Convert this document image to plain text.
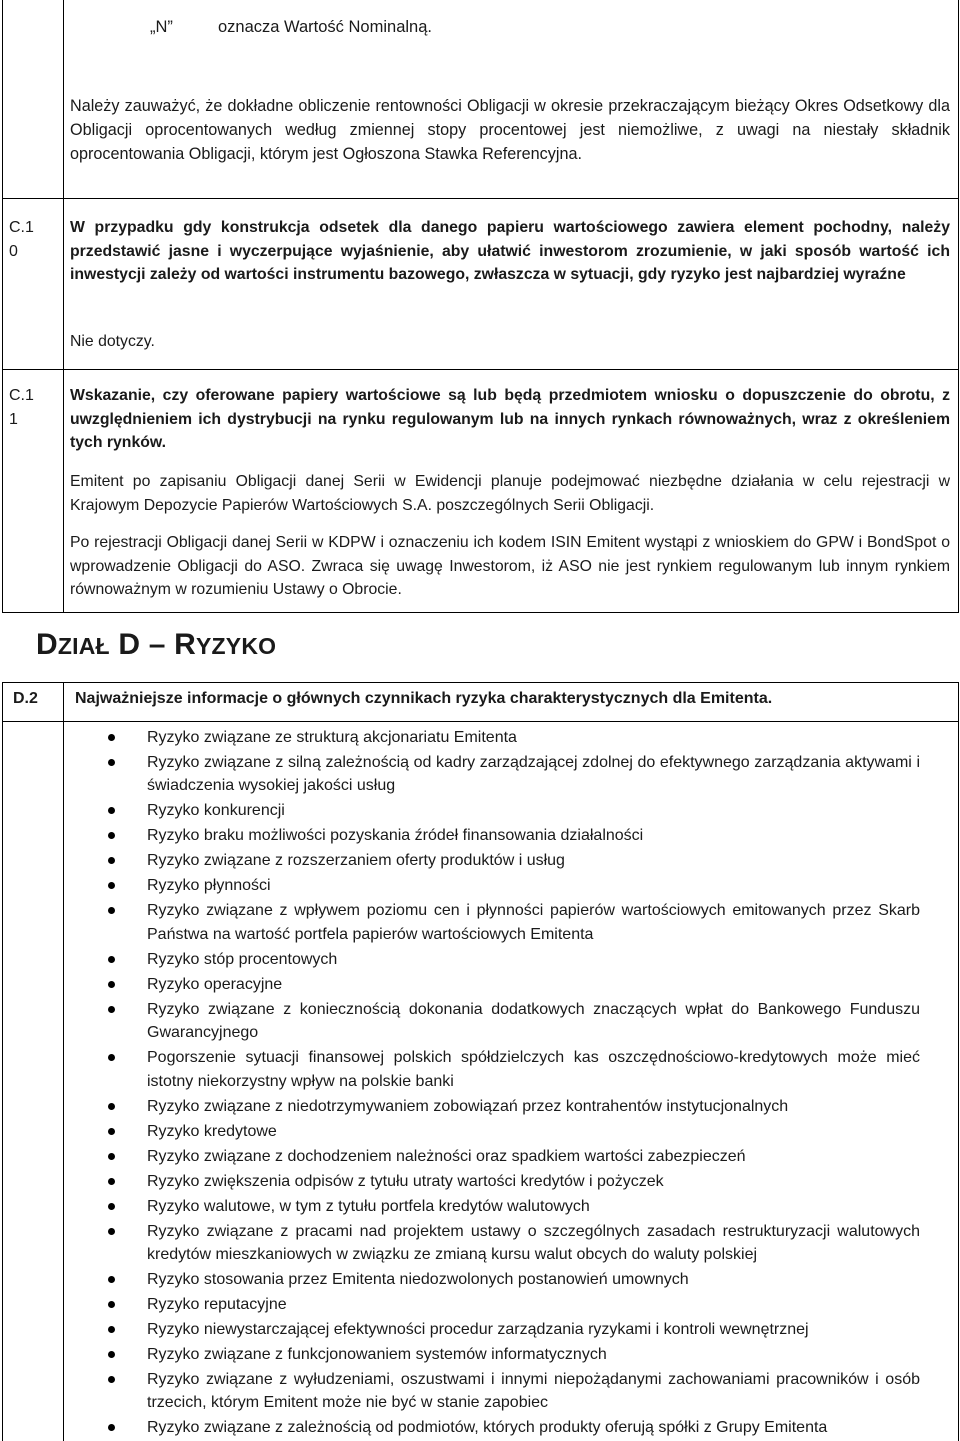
„N”	oznacza Wartość Nominalną.
Należy zauważyć, że dokładne obliczenie rentowności Obligacji w okresie przekraczającym bieżący Okres Odsetkowy dla Obligacji oprocentowanych według zmiennej stopy procentowej jest niemożliwe, z uwagi na niestały składnik oprocentowania Obligacji, którym jest Ogłoszona Stawka Referencyjna.
C.1
0
W przypadku gdy konstrukcja odsetek dla danego papieru wartościowego zawiera element pochodny, należy przedstawić jasne i wyczerpujące wyjaśnienie, aby ułatwić inwestorom zrozumienie, w jaki sposób wartość ich inwestycji zależy od wartości instrumentu bazowego, zwłaszcza w sytuacji, gdy ryzyko jest najbardziej wyraźne
Nie dotyczy.
C.1
1
Wskazanie, czy oferowane papiery wartościowe są lub będą przedmiotem wniosku o dopuszczenie do obrotu, z uwzględnieniem ich dystrybucji na rynku regulowanym lub na innych rynkach równoważnych, wraz z określeniem tych rynków.
Emitent po zapisaniu Obligacji danej Serii w Ewidencji planuje podejmować niezbędne działania w celu rejestracji w Krajowym Depozycie Papierów Wartościowych S.A. poszczególnych Serii Obligacji.
Po rejestracji Obligacji danej Serii w KDPW i oznaczeniu ich kodem ISIN Emitent wystąpi z wnioskiem do GPW i BondSpot o wprowadzenie Obligacji do ASO. Zwraca się uwagę Inwestorom, iż ASO nie jest rynkiem regulowanym lub innym rynkiem równoważnym w rozumieniu Ustawy o Obrocie.
DZIAŁ D – RYZYKO
D.2 Najważniejsze informacje o głównych czynnikach ryzyka charakterystycznych dla Emitenta.
Ryzyko związane ze strukturą akcjonariatu Emitenta
Ryzyko związane z silną zależnością od kadry zarządzającej zdolnej do efektywnego zarządzania aktywami i świadczenia wysokiej jakości usług
Ryzyko konkurencji
Ryzyko braku możliwości pozyskania źródeł finansowania działalności
Ryzyko związane z rozszerzaniem oferty produktów i usług
Ryzyko płynności
Ryzyko związane z wpływem poziomu cen i płynności papierów wartościowych emitowanych przez Skarb Państwa na wartość portfela papierów wartościowych Emitenta
Ryzyko stóp procentowych
Ryzyko operacyjne
Ryzyko związane z koniecznością dokonania dodatkowych znaczących wpłat do Bankowego Funduszu Gwarancyjnego
Pogorszenie sytuacji finansowej polskich spółdzielczych kas oszczędnościowo-kredytowych może mieć istotny niekorzystny wpływ na polskie banki
Ryzyko związane z niedotrzymywaniem zobowiązań przez kontrahentów instytucjonalnych
Ryzyko kredytowe
Ryzyko związane z dochodzeniem należności oraz spadkiem wartości zabezpieczeń
Ryzyko zwiększenia odpisów z tytułu utraty wartości kredytów i pożyczek
Ryzyko walutowe, w tym z tytułu portfela kredytów walutowych
Ryzyko związane z pracami nad projektem ustawy o szczególnych zasadach restrukturyzacji walutowych kredytów mieszkaniowych w związku ze zmianą kursu walut obcych do waluty polskiej
Ryzyko stosowania przez Emitenta niedozwolonych postanowień umownych
Ryzyko reputacyjne
Ryzyko niewystarczającej efektywności procedur zarządzania ryzykami i kontroli wewnętrznej
Ryzyko związane z funkcjonowaniem systemów informatycznych
Ryzyko związane z wyłudzeniami, oszustwami i innymi niepożądanymi zachowaniami pracowników i osób trzecich, którym Emitent może nie być w stanie zapobiec
Ryzyko związane z zależnością od podmiotów, których produkty oferują spółki z Grupy Emitenta
